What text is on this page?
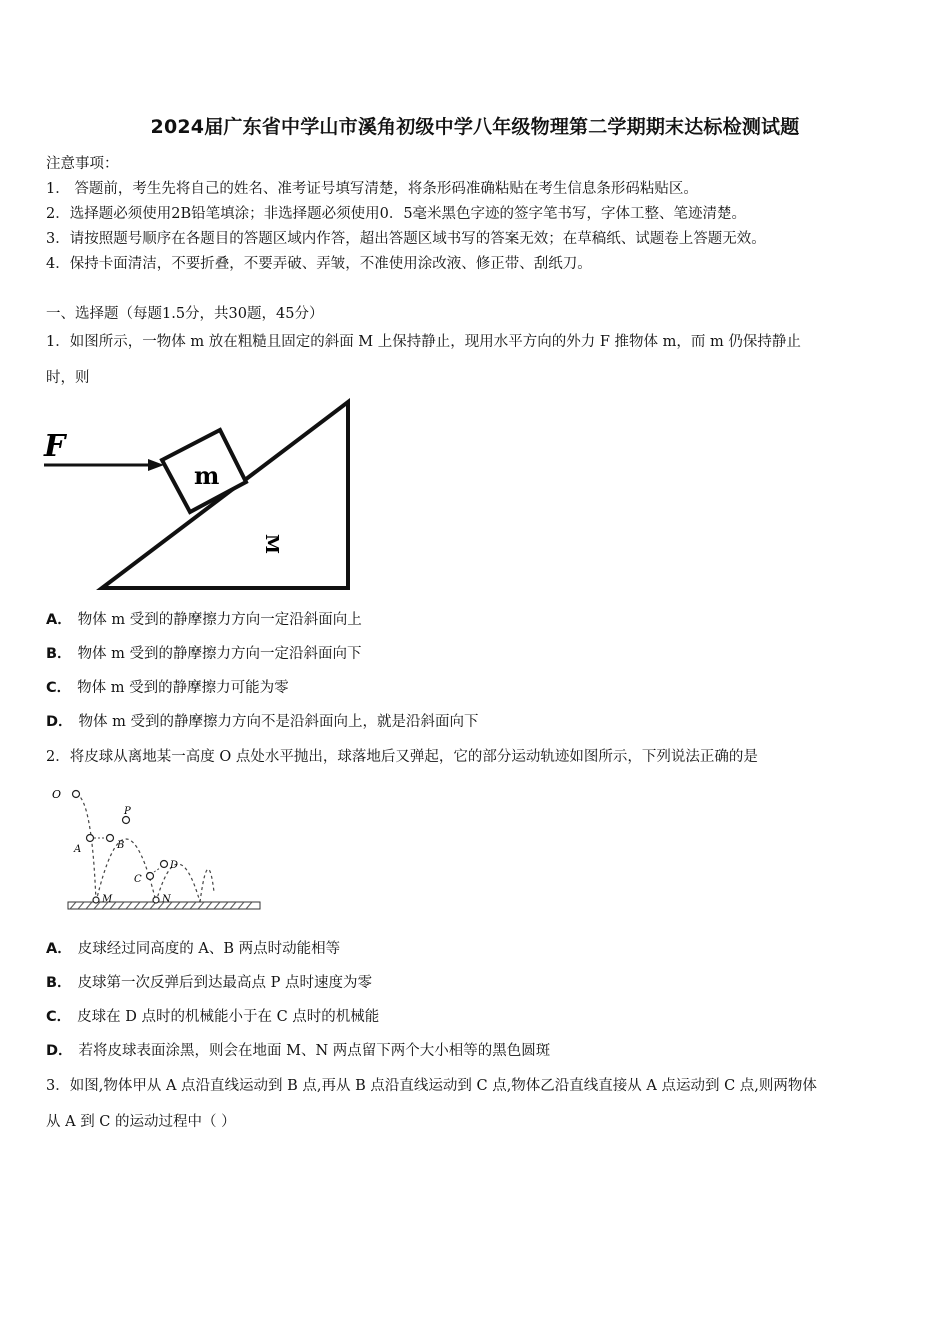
2024届广东省中学山市溪角初级中学八年级物理第二学期期末达标检测试题
注意事项：
1． 答题前，考生先将自己的姓名、准考证号填写清楚，将条形码准确粘贴在考生信息条形码粘贴区。
2．选择题必须使用2B铅笔填涂；非选择题必须使用0．5毫米黑色字迹的签字笔书写，字体工整、笔迹清楚。
3．请按照题号顺序在各题目的答题区域内作答，超出答题区域书写的答案无效；在草稿纸、试题卷上答题无效。
4．保持卡面清洁，不要折叠，不要弄破、弄皱，不准使用涂改液、修正带、刮纸刀。
一、选择题（每题1.5分，共30题，45分）
1．如图所示，一物体 m 放在粗糙且固定的斜面 M 上保持静止，现用水平方向的外力 F 推物体 m，而 m 仍保持静止
时，则
F
m
M
A． 物体 m 受到的静摩擦力方向一定沿斜面向上
B． 物体 m 受到的静摩擦力方向一定沿斜面向下
C． 物体 m 受到的静摩擦力可能为零
D． 物体 m 受到的静摩擦力方向不是沿斜面向上，就是沿斜面向下
2．将皮球从离地某一高度 O 点处水平抛出，球落地后又弹起，它的部分运动轨迹如图所示，下列说法正确的是
O
P
A	B
C
D
M	N
A． 皮球经过同高度的 A、B 两点时动能相等
B． 皮球第一次反弹后到达最高点 P 点时速度为零
C． 皮球在 D 点时的机械能小于在 C 点时的机械能
D． 若将皮球表面涂黑，则会在地面 M、N 两点留下两个大小相等的黑色圆斑
3．如图,物体甲从 A 点沿直线运动到 B 点,再从 B 点沿直线运动到 C 点,物体乙沿直线直接从 A 点运动到 C 点,则两物体
从 A 到 C 的运动过程中（ ）
